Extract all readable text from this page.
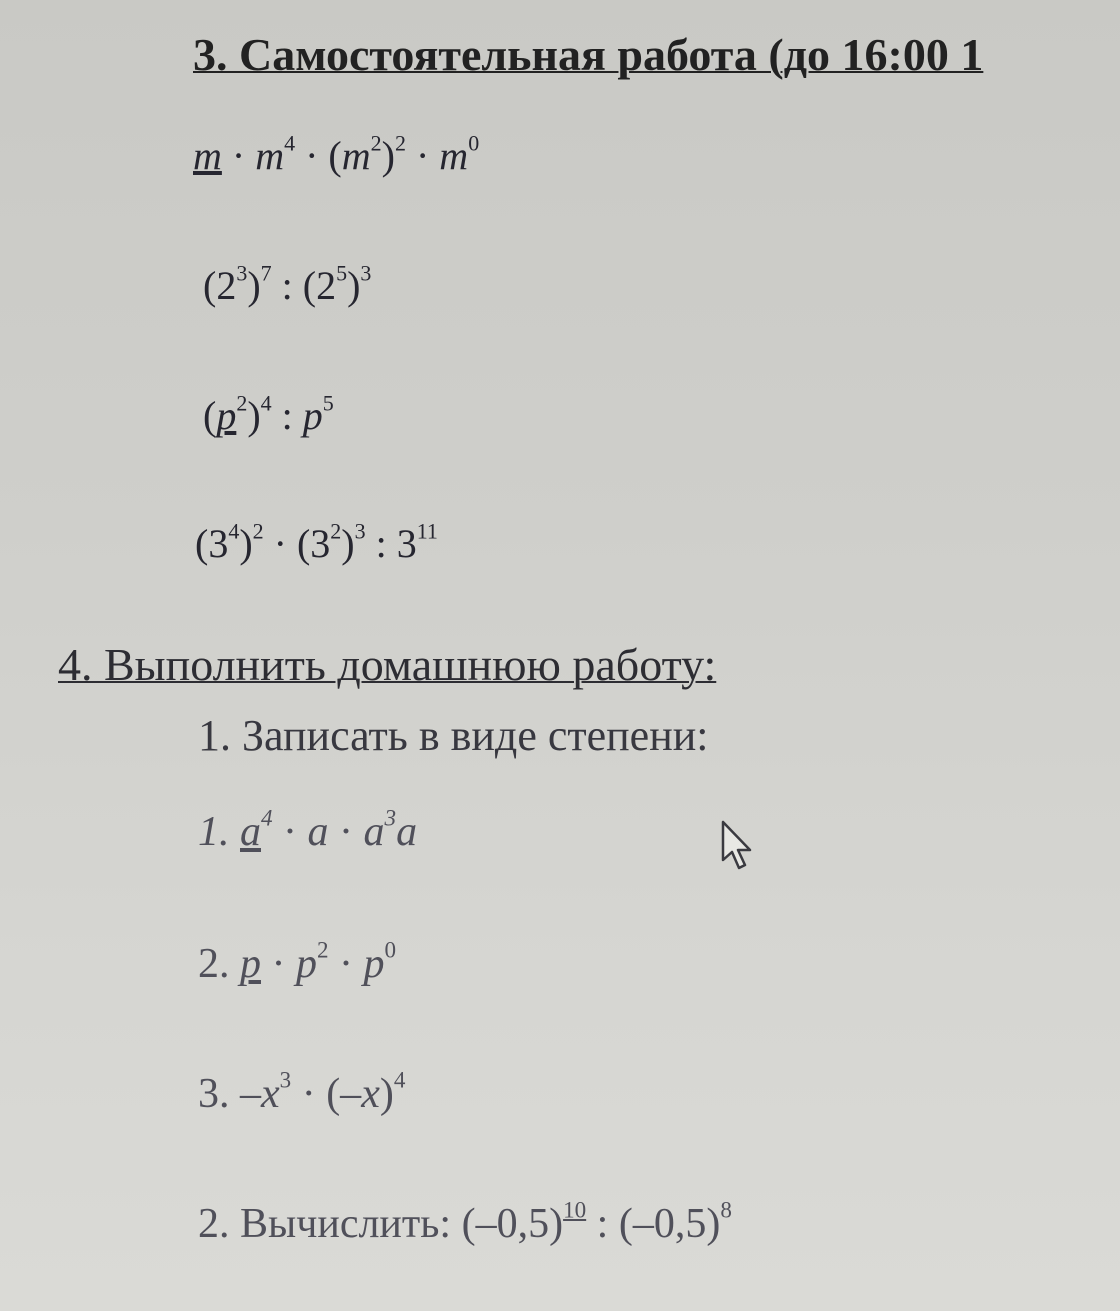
3. Самостоятельная работа (до 16:00 1
$m \cdot m^4 \cdot (m^2)^2 \cdot m^0$
$(2^3)^7$ : $(2^5)^3$
$(p^2)^4$ : $p^5$
$(3^4)^2 \cdot (3^2)^3$ : $3^{11}$
4. Выполнить домашнюю работу:
1. Записать в виде степени:
1. $a^4 \cdot a \cdot a^3a$
2. $p \cdot p^2 \cdot p^0$
3. $-x^3 \cdot (-x)^4$
2. Вычислить: $(-0,5)^{10}$ : $(-0,5)^8$
